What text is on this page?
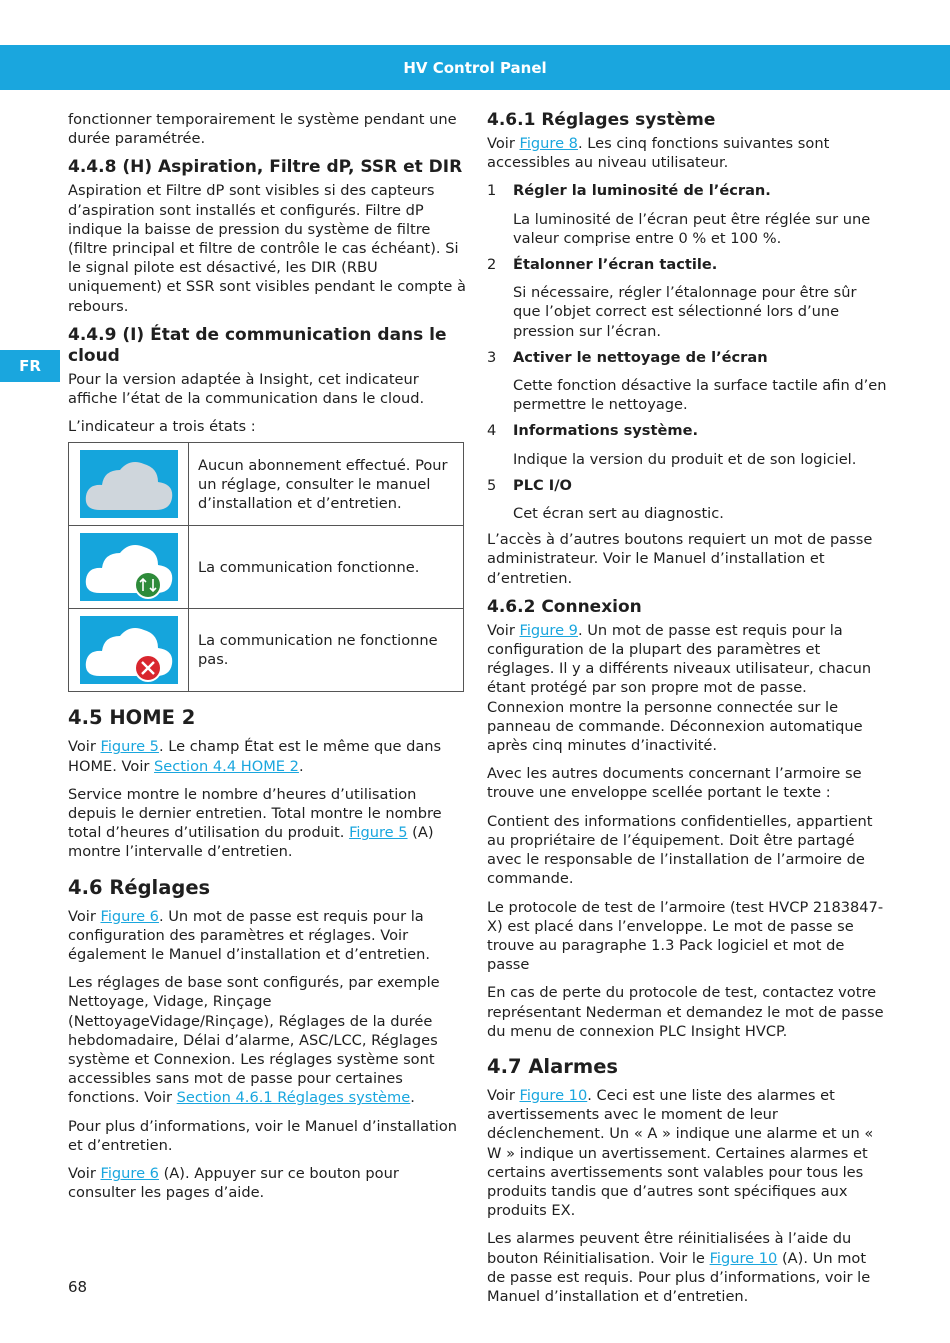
HV Control Panel
FR

fonctionner temporairement le système pendant une durée paramétrée.

4.4.8 (H) Aspiration, Filtre dP, SSR et DIR

Aspiration et Filtre dP sont visibles si des capteurs d’aspiration sont installés et configurés. Filtre dP indique la baisse de pression du système de filtre (filtre principal et filtre de contrôle le cas échéant). Si le signal pilote est désactivé, les DIR (RBU uniquement) et SSR sont visibles pendant le compte à rebours.

4.4.9 (I) État de communication dans le cloud

Pour la version adaptée à Insight, cet indicateur affiche l’état de la communication dans le cloud.

L’indicateur a trois états :

	Aucun abonnement effectué. Pour un réglage, consulter le manuel d’installation et d’entretien.

	La communication fonctionne.

	La communication ne fonctionne pas.
4.5 HOME 2

Voir Figure 5. Le champ État est le même que dans HOME. Voir Section 4.4 HOME 2.

Service montre le nombre d’heures d’utilisation depuis le dernier entretien. Total montre le nombre total d’heures d’utilisation du produit. Figure 5 (A) montre l’intervalle d’entretien.

4.6 Réglages

Voir Figure 6. Un mot de passe est requis pour la configuration des paramètres et réglages. Voir également le Manuel d’installation et d’entretien.

Les réglages de base sont configurés, par exemple Nettoyage, Vidage, Rinçage (NettoyageVidage/Rinçage), Réglages de la durée hebdomadaire, Délai d’alarme, ASC/LCC, Réglages système et Connexion. Les réglages système sont accessibles sans mot de passe pour certaines fonctions. Voir Section 4.6.1 Réglages système.

Pour plus d’informations, voir le Manuel d’installation et d’entretien.

Voir Figure 6 (A). Appuyer sur ce bouton pour consulter les pages d’aide.

4.6.1 Réglages système

Voir Figure 8. Les cinq fonctions suivantes sont accessibles au niveau utilisateur.

1 Régler la luminosité de l’écran.
La luminosité de l’écran peut être réglée sur une valeur comprise entre 0 % et 100 %.
2 Étalonner l’écran tactile.
Si nécessaire, régler l’étalonnage pour être sûr que l’objet correct est sélectionné lors d’une pression sur l’écran.
3 Activer le nettoyage de l’écran
Cette fonction désactive la surface tactile afin d’en permettre le nettoyage.
4 Informations système.
Indique la version du produit et de son logiciel.
5 PLC I/O
Cet écran sert au diagnostic.

L’accès à d’autres boutons requiert un mot de passe administrateur. Voir le Manuel d’installation et d’entretien.

4.6.2 Connexion

Voir Figure 9. Un mot de passe est requis pour la configuration de la plupart des paramètres et réglages. Il y a différents niveaux utilisateur, chacun étant protégé par son propre mot de passe. Connexion montre la personne connectée sur le panneau de commande. Déconnexion automatique après cinq minutes d’inactivité.

Avec les autres documents concernant l’armoire se trouve une enveloppe scellée portant le texte :

Contient des informations confidentielles, appartient au propriétaire de l’équipement. Doit être partagé avec le responsable de l’installation de l’armoire de commande.

Le protocole de test de l’armoire (test HVCP 2183847-X) est placé dans l’enveloppe. Le mot de passe se trouve au paragraphe 1.3 Pack logiciel et mot de passe

En cas de perte du protocole de test, contactez votre représentant Nederman et demandez le mot de passe du menu de connexion PLC Insight HVCP.

4.7 Alarmes

Voir Figure 10. Ceci est une liste des alarmes et avertissements avec le moment de leur déclenchement. Un « A » indique une alarme et un « W » indique un avertissement. Certaines alarmes et certains avertissements sont valables pour tous les produits tandis que d’autres sont spécifiques aux produits EX.

Les alarmes peuvent être réinitialisées à l’aide du bouton Réinitialisation. Voir le Figure 10 (A). Un mot de passe est requis. Pour plus d’informations, voir le Manuel d’installation et d’entretien.

68
